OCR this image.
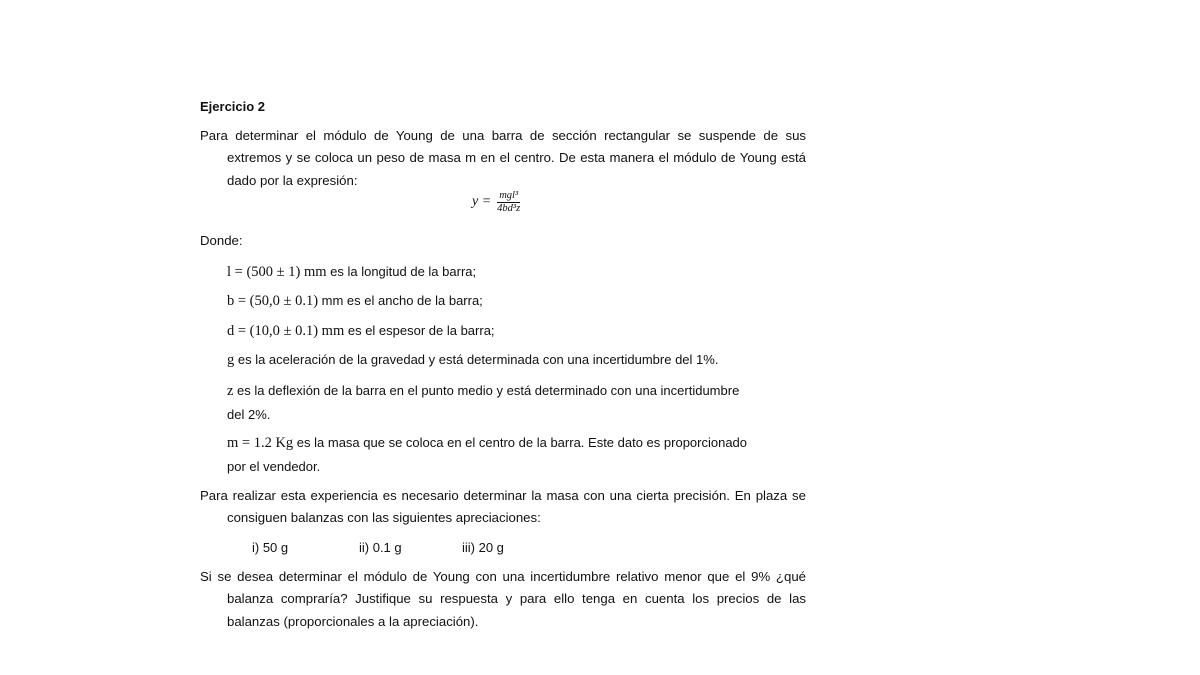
Ejercicio 2

Para determinar el módulo de Young de una barra de sección rectangular se suspende de sus extremos y se coloca un peso de masa m en el centro. De esta manera el módulo de Young está dado por la expresión:

$y = \frac{\text{mgl³}}{\text{4bd³z}}$

Donde:

l = (500 ± 1) mm es la longitud de la barra;
b = (50,0 ± 0.1) mm es el ancho de la barra;
d = (10,0 ± 0.1) mm es el espesor de la barra;
g es la aceleración de la gravedad y está determinada con una incertidumbre del 1%.
z es la deflexión de la barra en el punto medio y está determinado con una incertidumbre
del 2%.
m = 1.2 Kg es la masa que se coloca en el centro de la barra. Este dato es proporcionado
por el vendedor.

Para realizar esta experiencia es necesario determinar la masa con una cierta precisión. En plaza se consiguen balanzas con las siguientes apreciaciones:

i) 50 g	ii) 0.1 g	iii) 20 g

Si se desea determinar el módulo de Young con una incertidumbre relativo menor que el 9% ¿qué balanza compraría? Justifique su respuesta y para ello tenga en cuenta los precios de las balanzas (proporcionales a la apreciación).
